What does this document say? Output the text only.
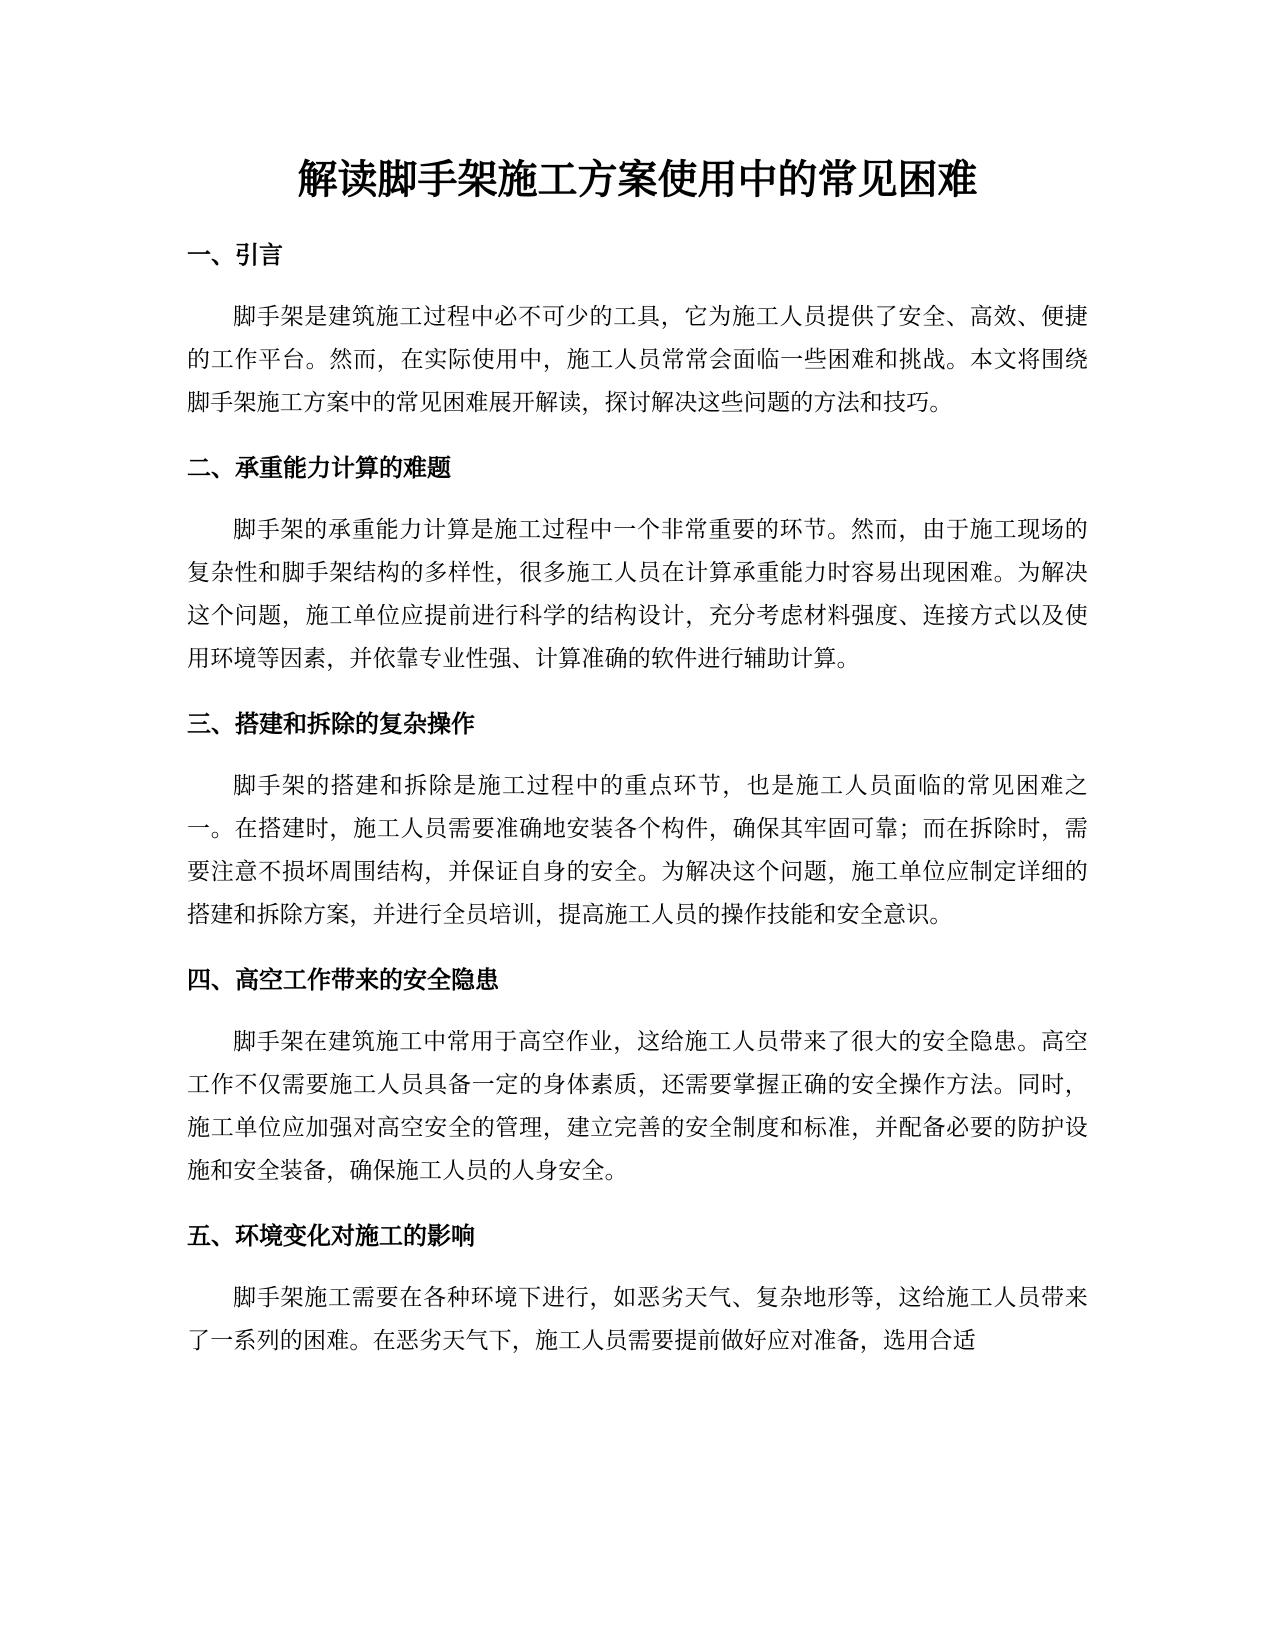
解读脚手架施工方案使用中的常见困难
一、引言

脚手架是建筑施工过程中必不可少的工具，它为施工人员提供了安全、高效、便捷的工作平台。然而，在实际使用中，施工人员常常会面临一些困难和挑战。本文将围绕脚手架施工方案中的常见困难展开解读，探讨解决这些问题的方法和技巧。

二、承重能力计算的难题

脚手架的承重能力计算是施工过程中一个非常重要的环节。然而，由于施工现场的复杂性和脚手架结构的多样性，很多施工人员在计算承重能力时容易出现困难。为解决这个问题，施工单位应提前进行科学的结构设计，充分考虑材料强度、连接方式以及使用环境等因素，并依靠专业性强、计算准确的软件进行辅助计算。

三、搭建和拆除的复杂操作

脚手架的搭建和拆除是施工过程中的重点环节，也是施工人员面临的常见困难之一。在搭建时，施工人员需要准确地安装各个构件，确保其牢固可靠；而在拆除时，需要注意不损坏周围结构，并保证自身的安全。为解决这个问题，施工单位应制定详细的搭建和拆除方案，并进行全员培训，提高施工人员的操作技能和安全意识。

四、高空工作带来的安全隐患

脚手架在建筑施工中常用于高空作业，这给施工人员带来了很大的安全隐患。高空工作不仅需要施工人员具备一定的身体素质，还需要掌握正确的安全操作方法。同时，施工单位应加强对高空安全的管理，建立完善的安全制度和标准，并配备必要的防护设施和安全装备，确保施工人员的人身安全。

五、环境变化对施工的影响

脚手架施工需要在各种环境下进行，如恶劣天气、复杂地形等，这给施工人员带来了一系列的困难。在恶劣天气下，施工人员需要提前做好应对准备，选用合适
